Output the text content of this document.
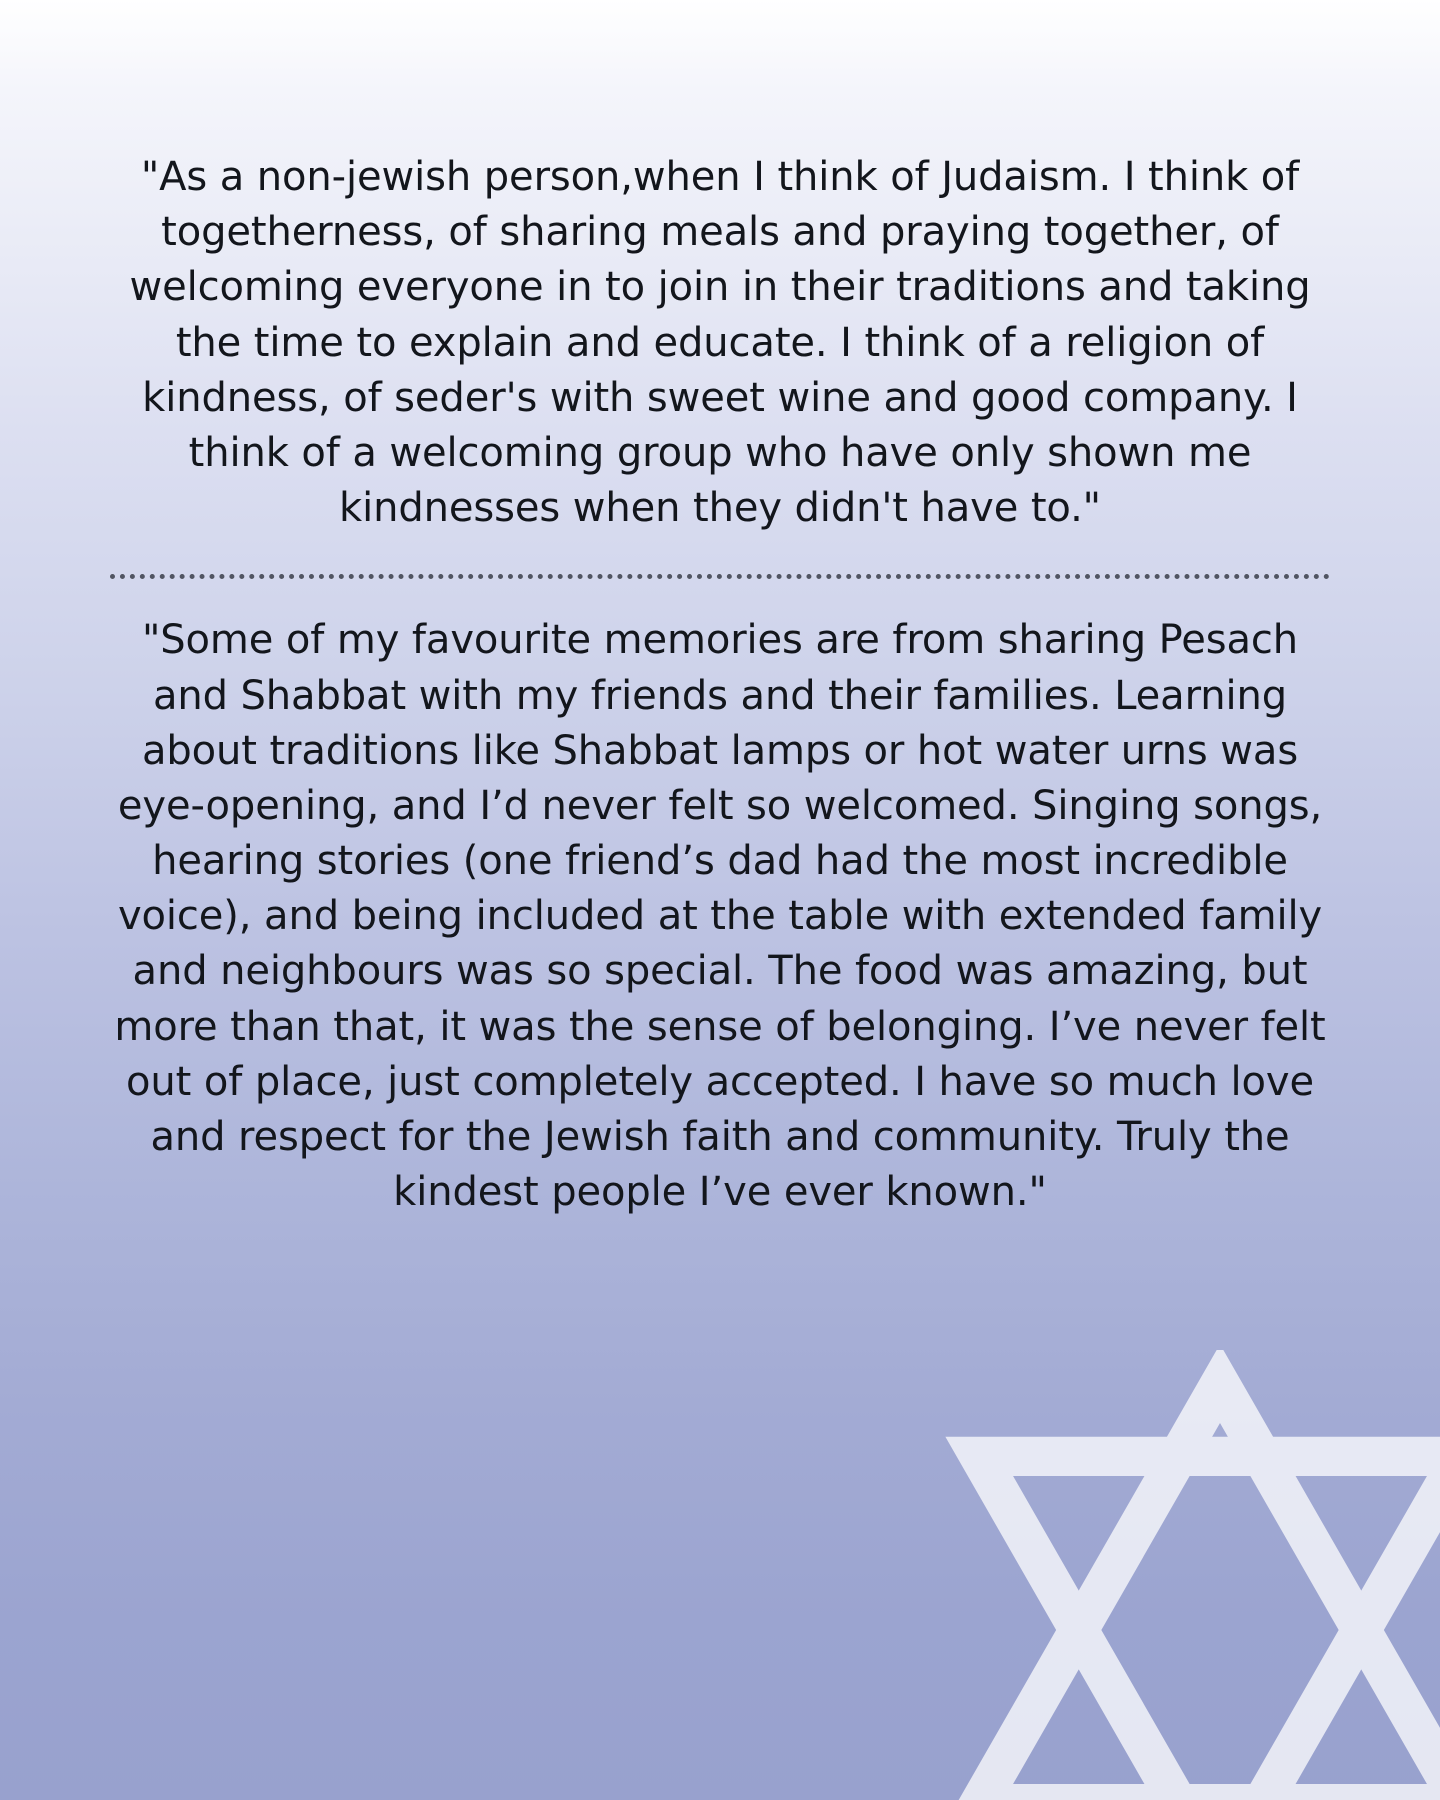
"As a non-jewish person,when I think of Judaism. I think of togetherness, of sharing meals and praying together, of welcoming everyone in to join in their traditions and taking the time to explain and educate. I think of a religion of kindness, of seder's with sweet wine and good company. I think of a welcoming group who have only shown me kindnesses when they didn't have to."

"Some of my favourite memories are from sharing Pesach and Shabbat with my friends and their families. Learning about traditions like Shabbat lamps or hot water urns was eye-opening, and I’d never felt so welcomed. Singing songs, hearing stories (one friend’s dad had the most incredible voice), and being included at the table with extended family and neighbours was so special. The food was amazing, but more than that, it was the sense of belonging. I’ve never felt out of place, just completely accepted. I have so much love and respect for the Jewish faith and community. Truly the kindest people I’ve ever known."
